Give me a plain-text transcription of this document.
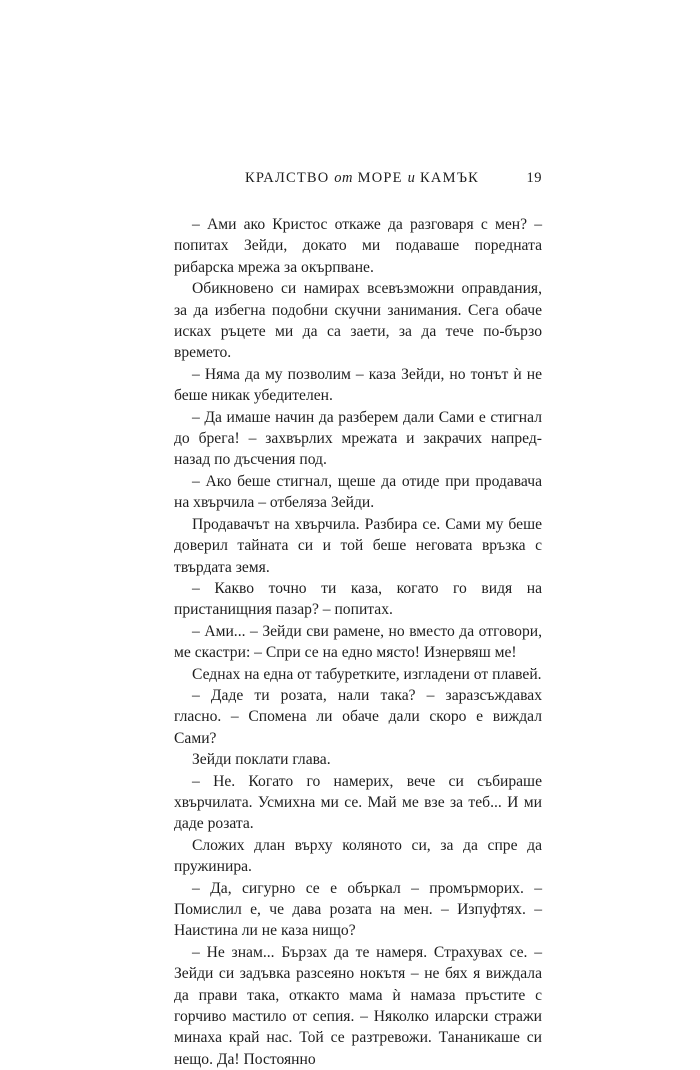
КРАЛСТВО от МОРЕ и КАМЪК	19

– Ами ако Кристос откаже да разговаря с мен? – попитах Зейди, докато ми подаваше поредната рибарска мрежа за окърпване.

Обикновено си намирах всевъзможни оправдания, за да избегна подобни скучни занимания. Сега обаче исках ръцете ми да са заети, за да тече по-бързо времето.

– Няма да му позволим – каза Зейди, но тонът ѝ не беше никак убедителен.

– Да имаше начин да разберем дали Сами е стигнал до брега! – захвърлих мрежата и закрачих напред-назад по дъсчения под.

– Ако беше стигнал, щеше да отиде при продавача на хвърчила – отбеляза Зейди.

Продавачът на хвърчила. Разбира се. Сами му беше доверил тайната си и той беше неговата връзка с твърдата земя.

– Какво точно ти каза, когато го видя на пристанищния пазар? – попитах.

– Ами... – Зейди сви рамене, но вместо да отговори, ме скастри: – Спри се на едно място! Изнервяш ме!

Седнах на една от табуретките, изгладени от плавей.

– Даде ти розата, нали така? – заразсъждавах гласно. – Спомена ли обаче дали скоро е виждал Сами?

Зейди поклати глава.

– Не. Когато го намерих, вече си събираше хвърчилата. Усмихна ми се. Май ме взе за теб... И ми даде розата.

Сложих длан върху коляното си, за да спре да пружинира.

– Да, сигурно се е объркал – промърморих. – Помислил е, че дава розата на мен. – Изпуфтях. – Наистина ли не каза нищо?

– Не знам... Бързах да те намеря. Страхувах се. – Зейди си задъвка разсеяно нокътя – не бях я виждала да прави така, откакто мама ѝ намаза пръстите с горчиво мастило от сепия. – Няколко иларски стражи минаха край нас. Той се разтревожи. Тананикаше си нещо. Да! Постоянно
